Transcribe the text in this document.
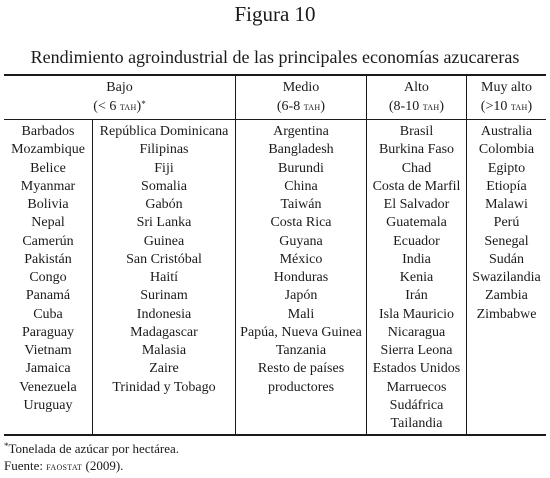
Figura 10
Rendimiento agroindustrial de las principales economías azucareras
Bajo
(< 6 tah)*
Medio
(6-8 tah)
Alto
(8-10 tah)
Muy alto
(>10 tah)
Barbados
Mozambique
Belice
Myanmar
Bolivia
Nepal
Camerún
Pakistán
Congo
Panamá
Cuba
Paraguay
Vietnam
Jamaica
Venezuela
Uruguay
República Dominicana
Filipinas
Fiji
Somalia
Gabón
Sri Lanka
Guinea
San Cristóbal
Haití
Surinam
Indonesia
Madagascar
Malasia
Zaire
Trinidad y Tobago
Argentina
Bangladesh
Burundi
China
Taiwán
Costa Rica
Guyana
México
Honduras
Japón
Mali
Papúa, Nueva Guinea
Tanzania
Resto de países
productores
Brasil
Burkina Faso
Chad
Costa de Marfil
El Salvador
Guatemala
Ecuador
India
Kenia
Irán
Isla Mauricio
Nicaragua
Sierra Leona
Estados Unidos
Marruecos
Sudáfrica
Tailandia
Australia
Colombia
Egipto
Etiopía
Malawi
Perú
Senegal
Sudán
Swazilandia
Zambia
Zimbabwe
*Tonelada de azúcar por hectárea.
Fuente: faostat (2009).
